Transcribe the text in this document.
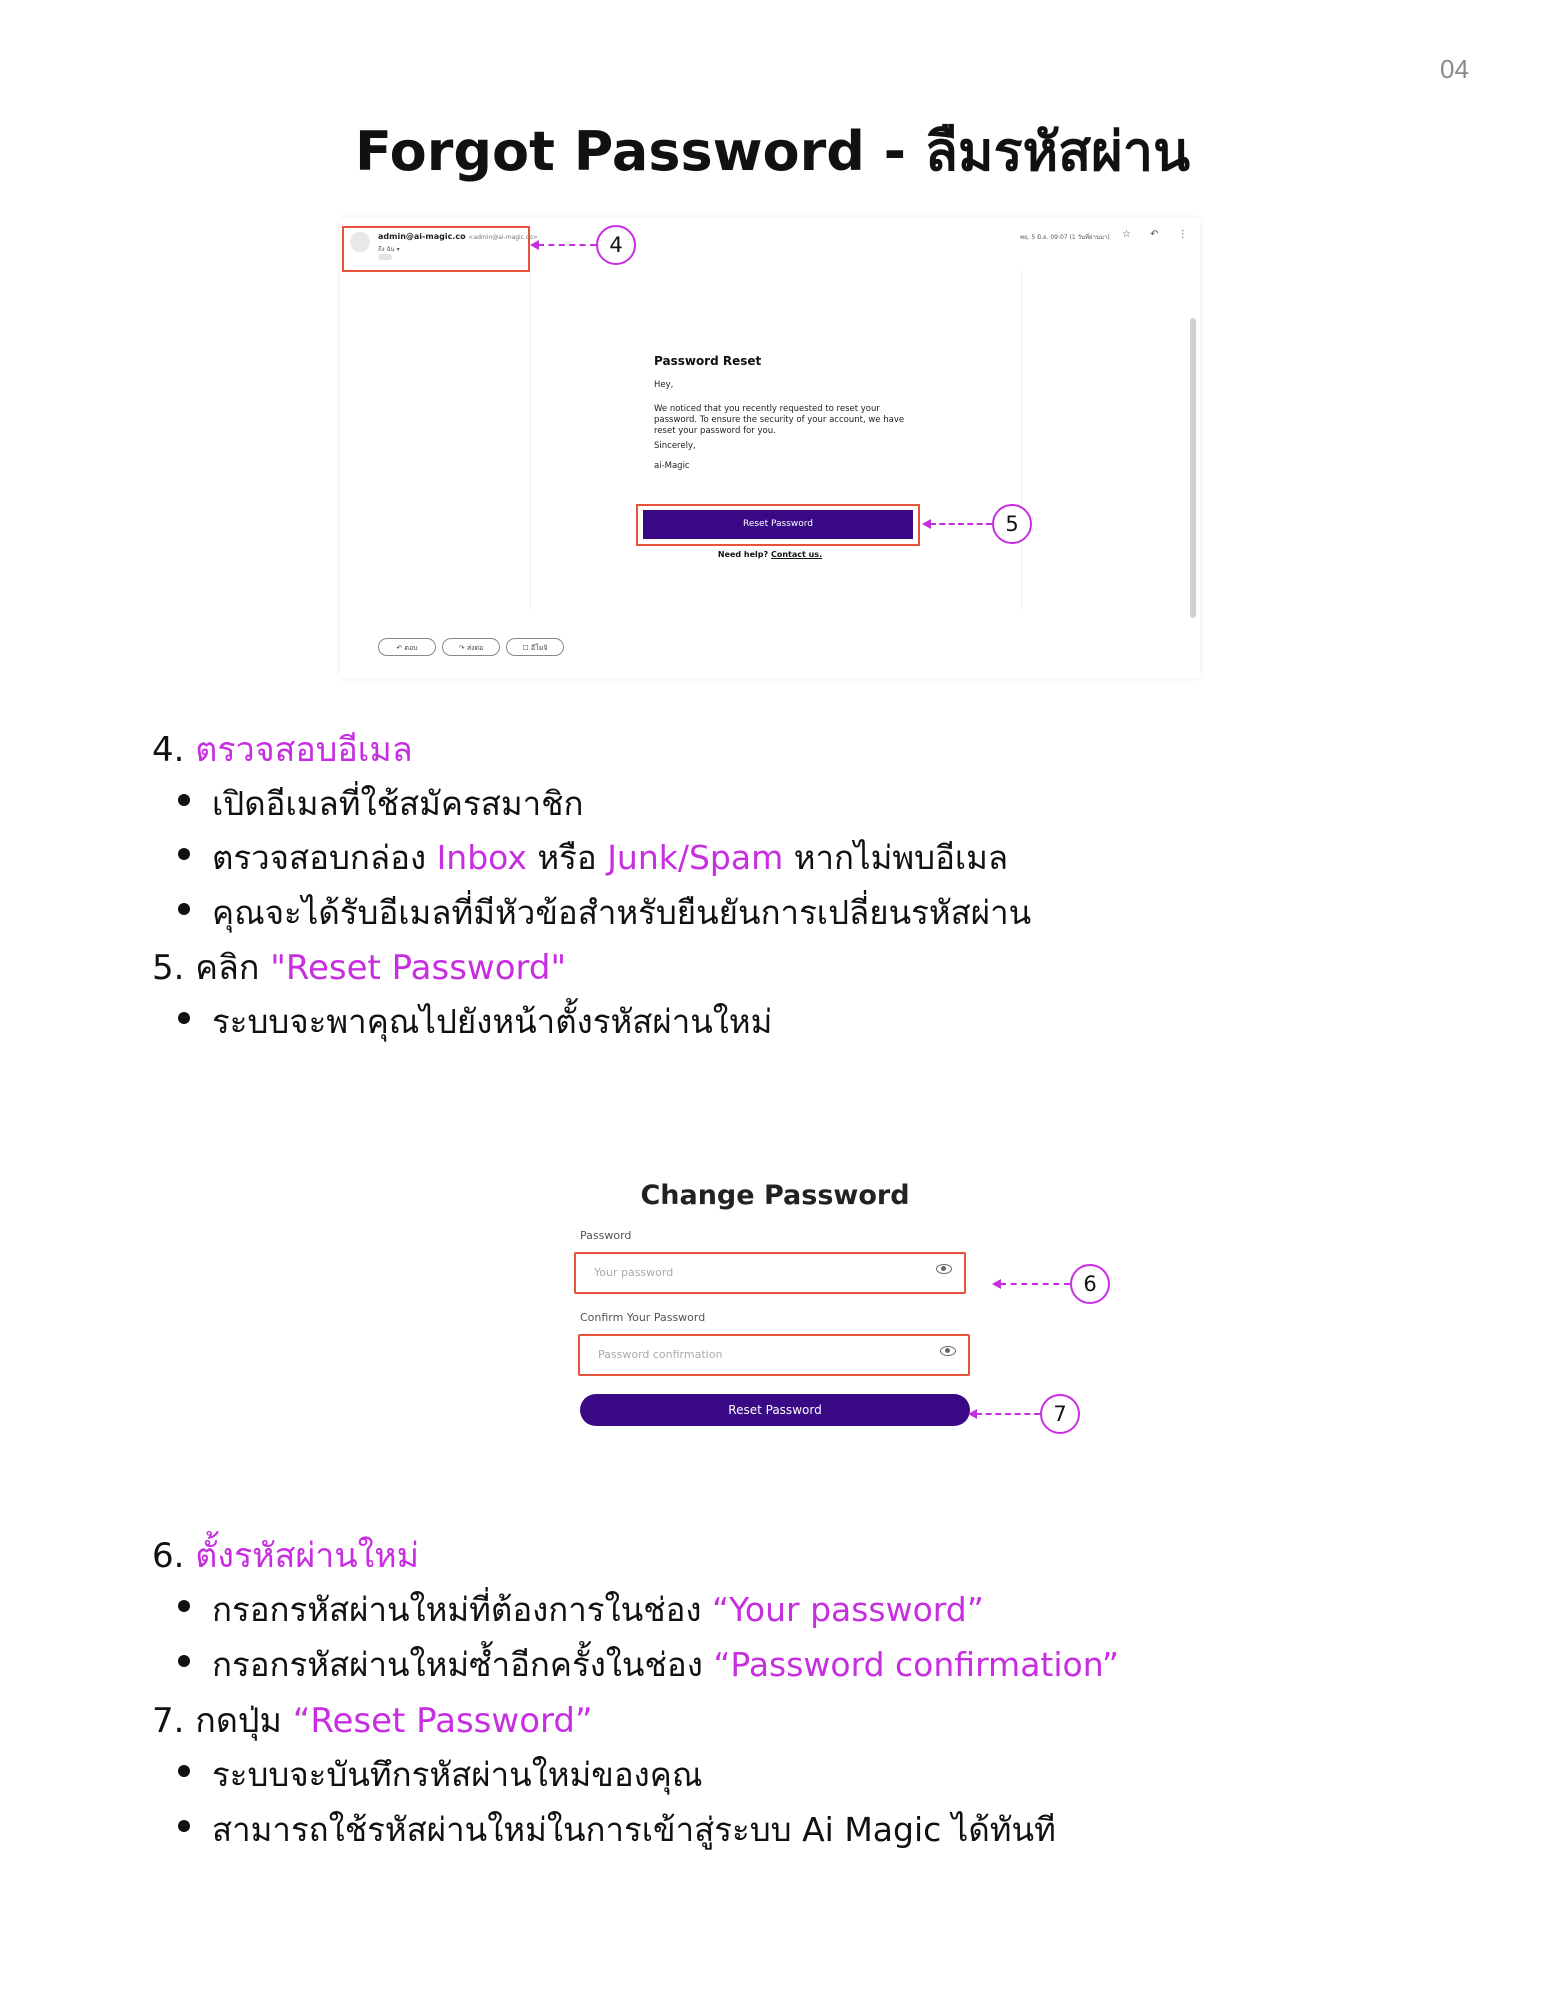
04
Forgot Password - ลืมรหัสผ่าน
admin@ai-magic.co <admin@ai-magic.co>
ถึง ฉัน ▾
พฤ. 5 มิ.ย. 09:07 (1 วันที่ผ่านมา) ☆ ↶ ⋮
Password Reset
Hey,
We noticed that you recently requested to reset your password. To ensure the security of your account, we have reset your password for you.
Sincerely,
ai-Magic
Reset Password
Need help? Contact us.
↶ ตอบ	↷ ส่งต่อ	☐ อีโมจิ
4
5
4. ตรวจสอบอีเมล
เปิดอีเมลที่ใช้สมัครสมาชิก
ตรวจสอบกล่อง Inbox หรือ Junk/Spam หากไม่พบอีเมล
คุณจะได้รับอีเมลที่มีหัวข้อสำหรับยืนยันการเปลี่ยนรหัสผ่าน
5. คลิก "Reset Password"
ระบบจะพาคุณไปยังหน้าตั้งรหัสผ่านใหม่
Change Password
Password
Your password
Confirm Your Password
Password confirmation
Reset Password
6
7
6. ตั้งรหัสผ่านใหม่
กรอกรหัสผ่านใหม่ที่ต้องการในช่อง “Your password”
กรอกรหัสผ่านใหม่ซ้ำอีกครั้งในช่อง “Password confirmation”
7. กดปุ่ม “Reset Password”
ระบบจะบันทึกรหัสผ่านใหม่ของคุณ
สามารถใช้รหัสผ่านใหม่ในการเข้าสู่ระบบ Ai Magic ได้ทันที
